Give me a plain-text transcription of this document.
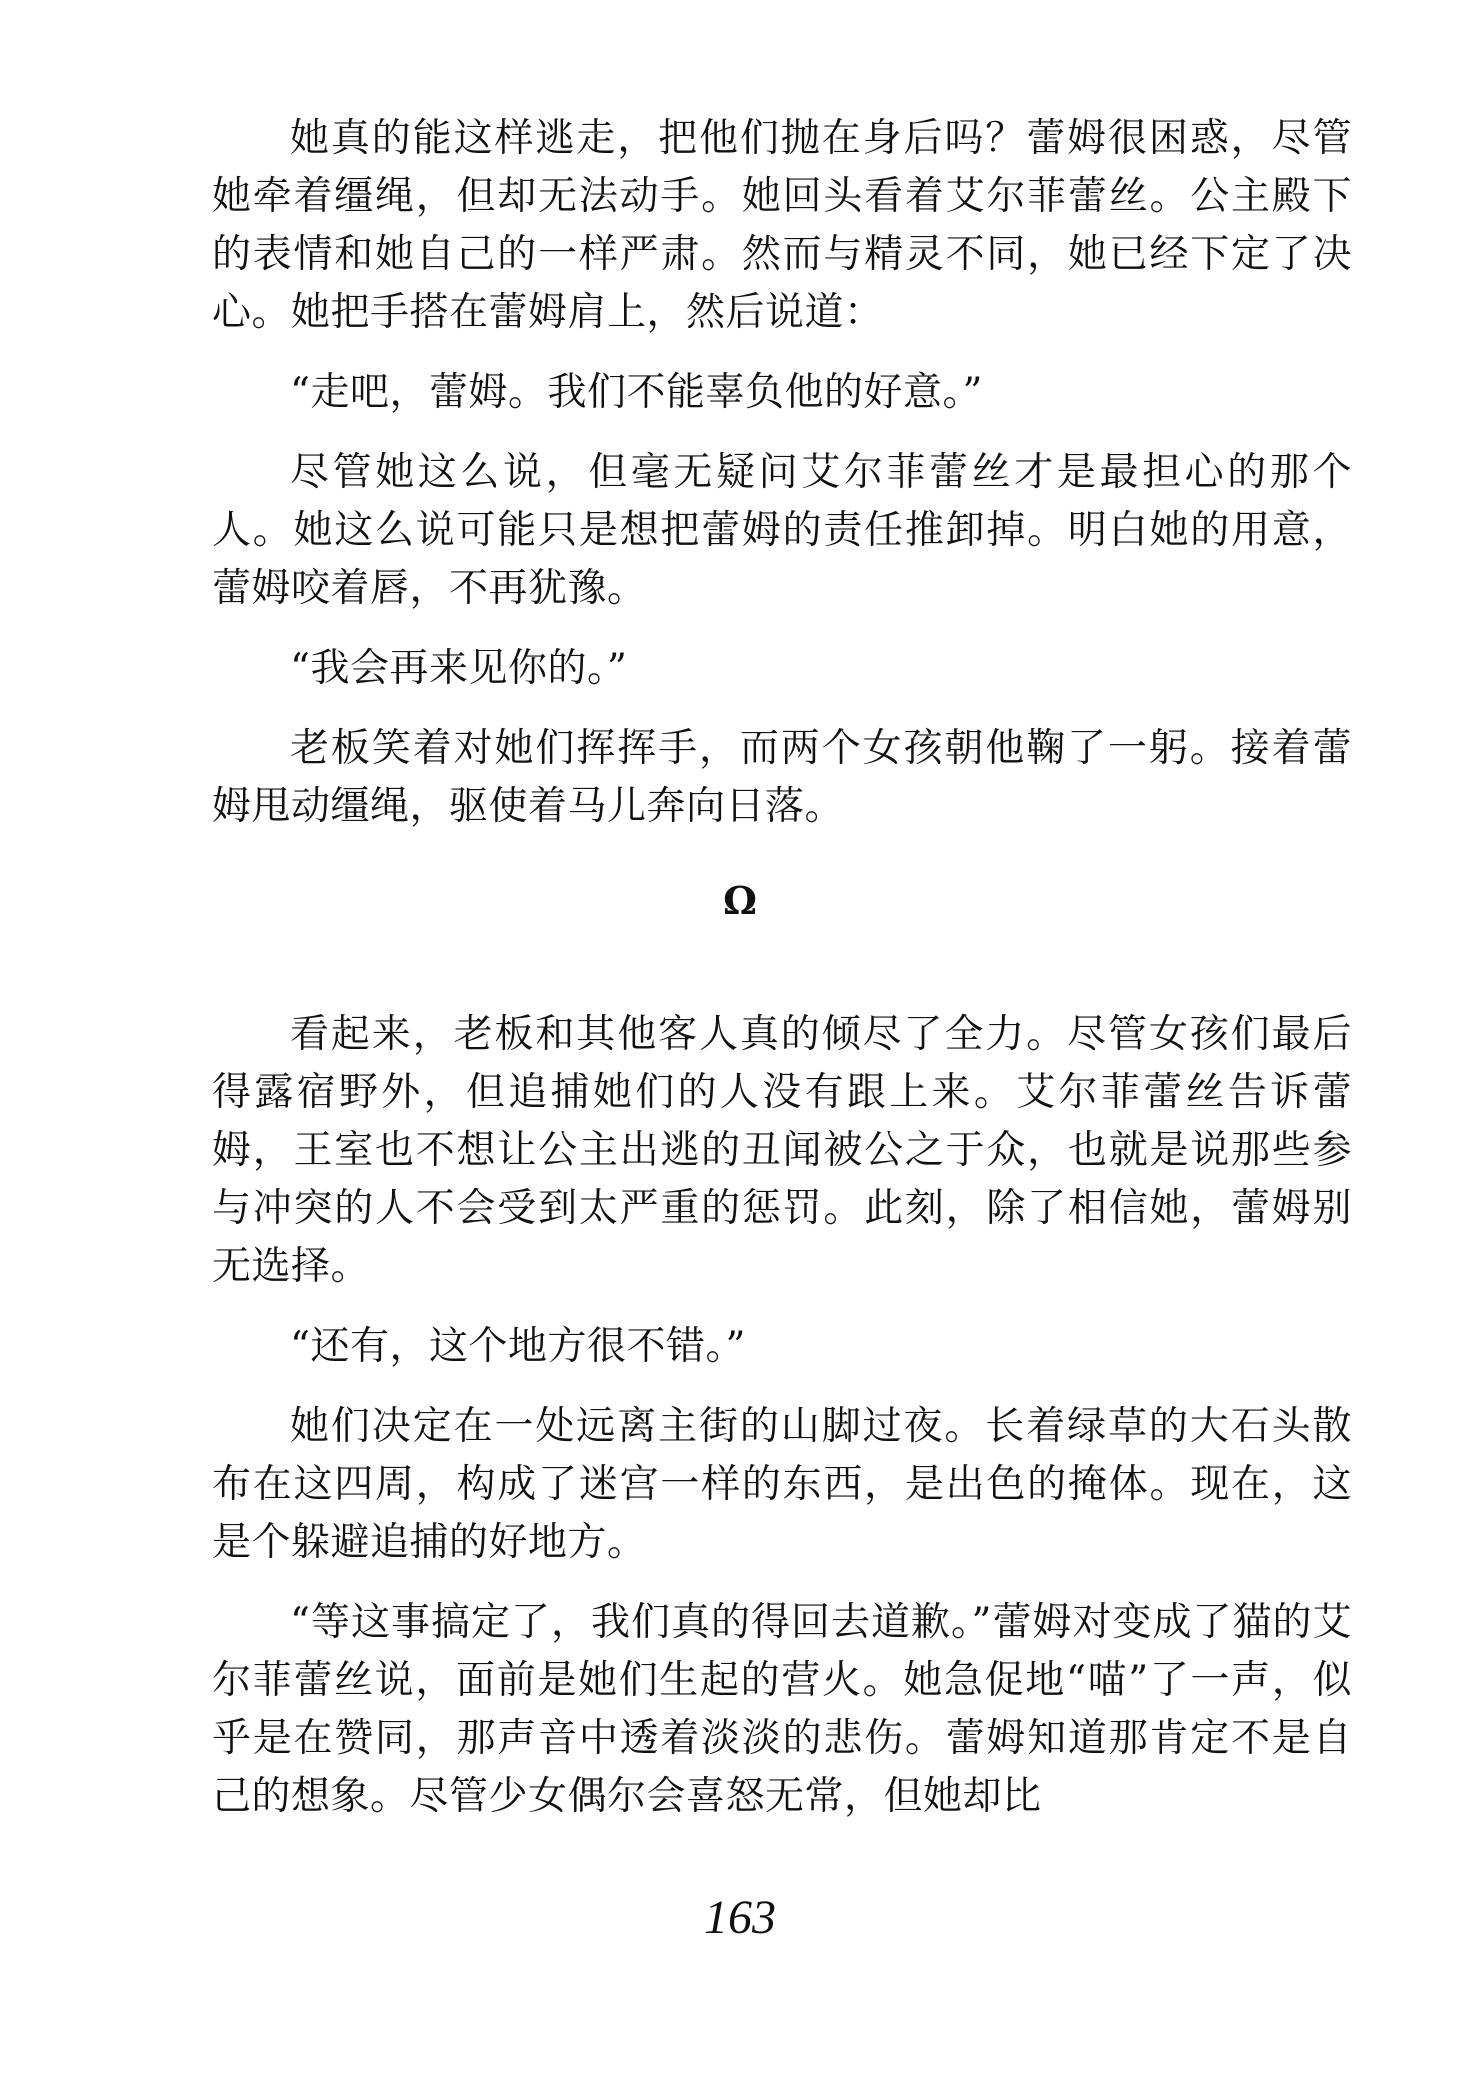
她真的能这样逃走，把他们抛在身后吗？蕾姆很困惑，尽管她牵着缰绳，但却无法动手。她回头看着艾尔菲蕾丝。公主殿下的表情和她自己的一样严肃。然而与精灵不同，她已经下定了决心。她把手搭在蕾姆肩上，然后说道：

“走吧，蕾姆。我们不能辜负他的好意。”

尽管她这么说，但毫无疑问艾尔菲蕾丝才是最担心的那个人。她这么说可能只是想把蕾姆的责任推卸掉。明白她的用意，蕾姆咬着唇，不再犹豫。

“我会再来见你的。”

老板笑着对她们挥挥手，而两个女孩朝他鞠了一躬。接着蕾姆甩动缰绳，驱使着马儿奔向日落。

Ω

看起来，老板和其他客人真的倾尽了全力。尽管女孩们最后得露宿野外，但追捕她们的人没有跟上来。艾尔菲蕾丝告诉蕾姆，王室也不想让公主出逃的丑闻被公之于众，也就是说那些参与冲突的人不会受到太严重的惩罚。此刻，除了相信她，蕾姆别无选择。

“还有，这个地方很不错。”

她们决定在一处远离主街的山脚过夜。长着绿草的大石头散布在这四周，构成了迷宫一样的东西，是出色的掩体。现在，这是个躲避追捕的好地方。

“等这事搞定了，我们真的得回去道歉。”蕾姆对变成了猫的艾尔菲蕾丝说，面前是她们生起的营火。她急促地“喵”了一声，似乎是在赞同，那声音中透着淡淡的悲伤。蕾姆知道那肯定不是自己的想象。尽管少女偶尔会喜怒无常，但她却比

163
